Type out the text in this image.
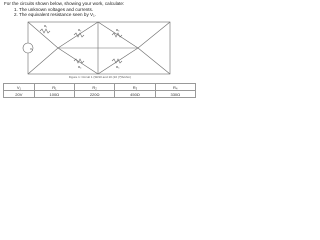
For the circuits shown below, showing your work, calculate:
1. The unknown voltages and currents.
2. The equivalent resistance seen by V₁.
V₁
R₁
R₂	R₃
R₄	R₅
Figure 1: Circuit 1 (SR10 and 10 (10 (?)S/ohm)
V₁	R₁	R₂	R₃	R₄
20V	100Ω	220Ω	450Ω	330Ω
